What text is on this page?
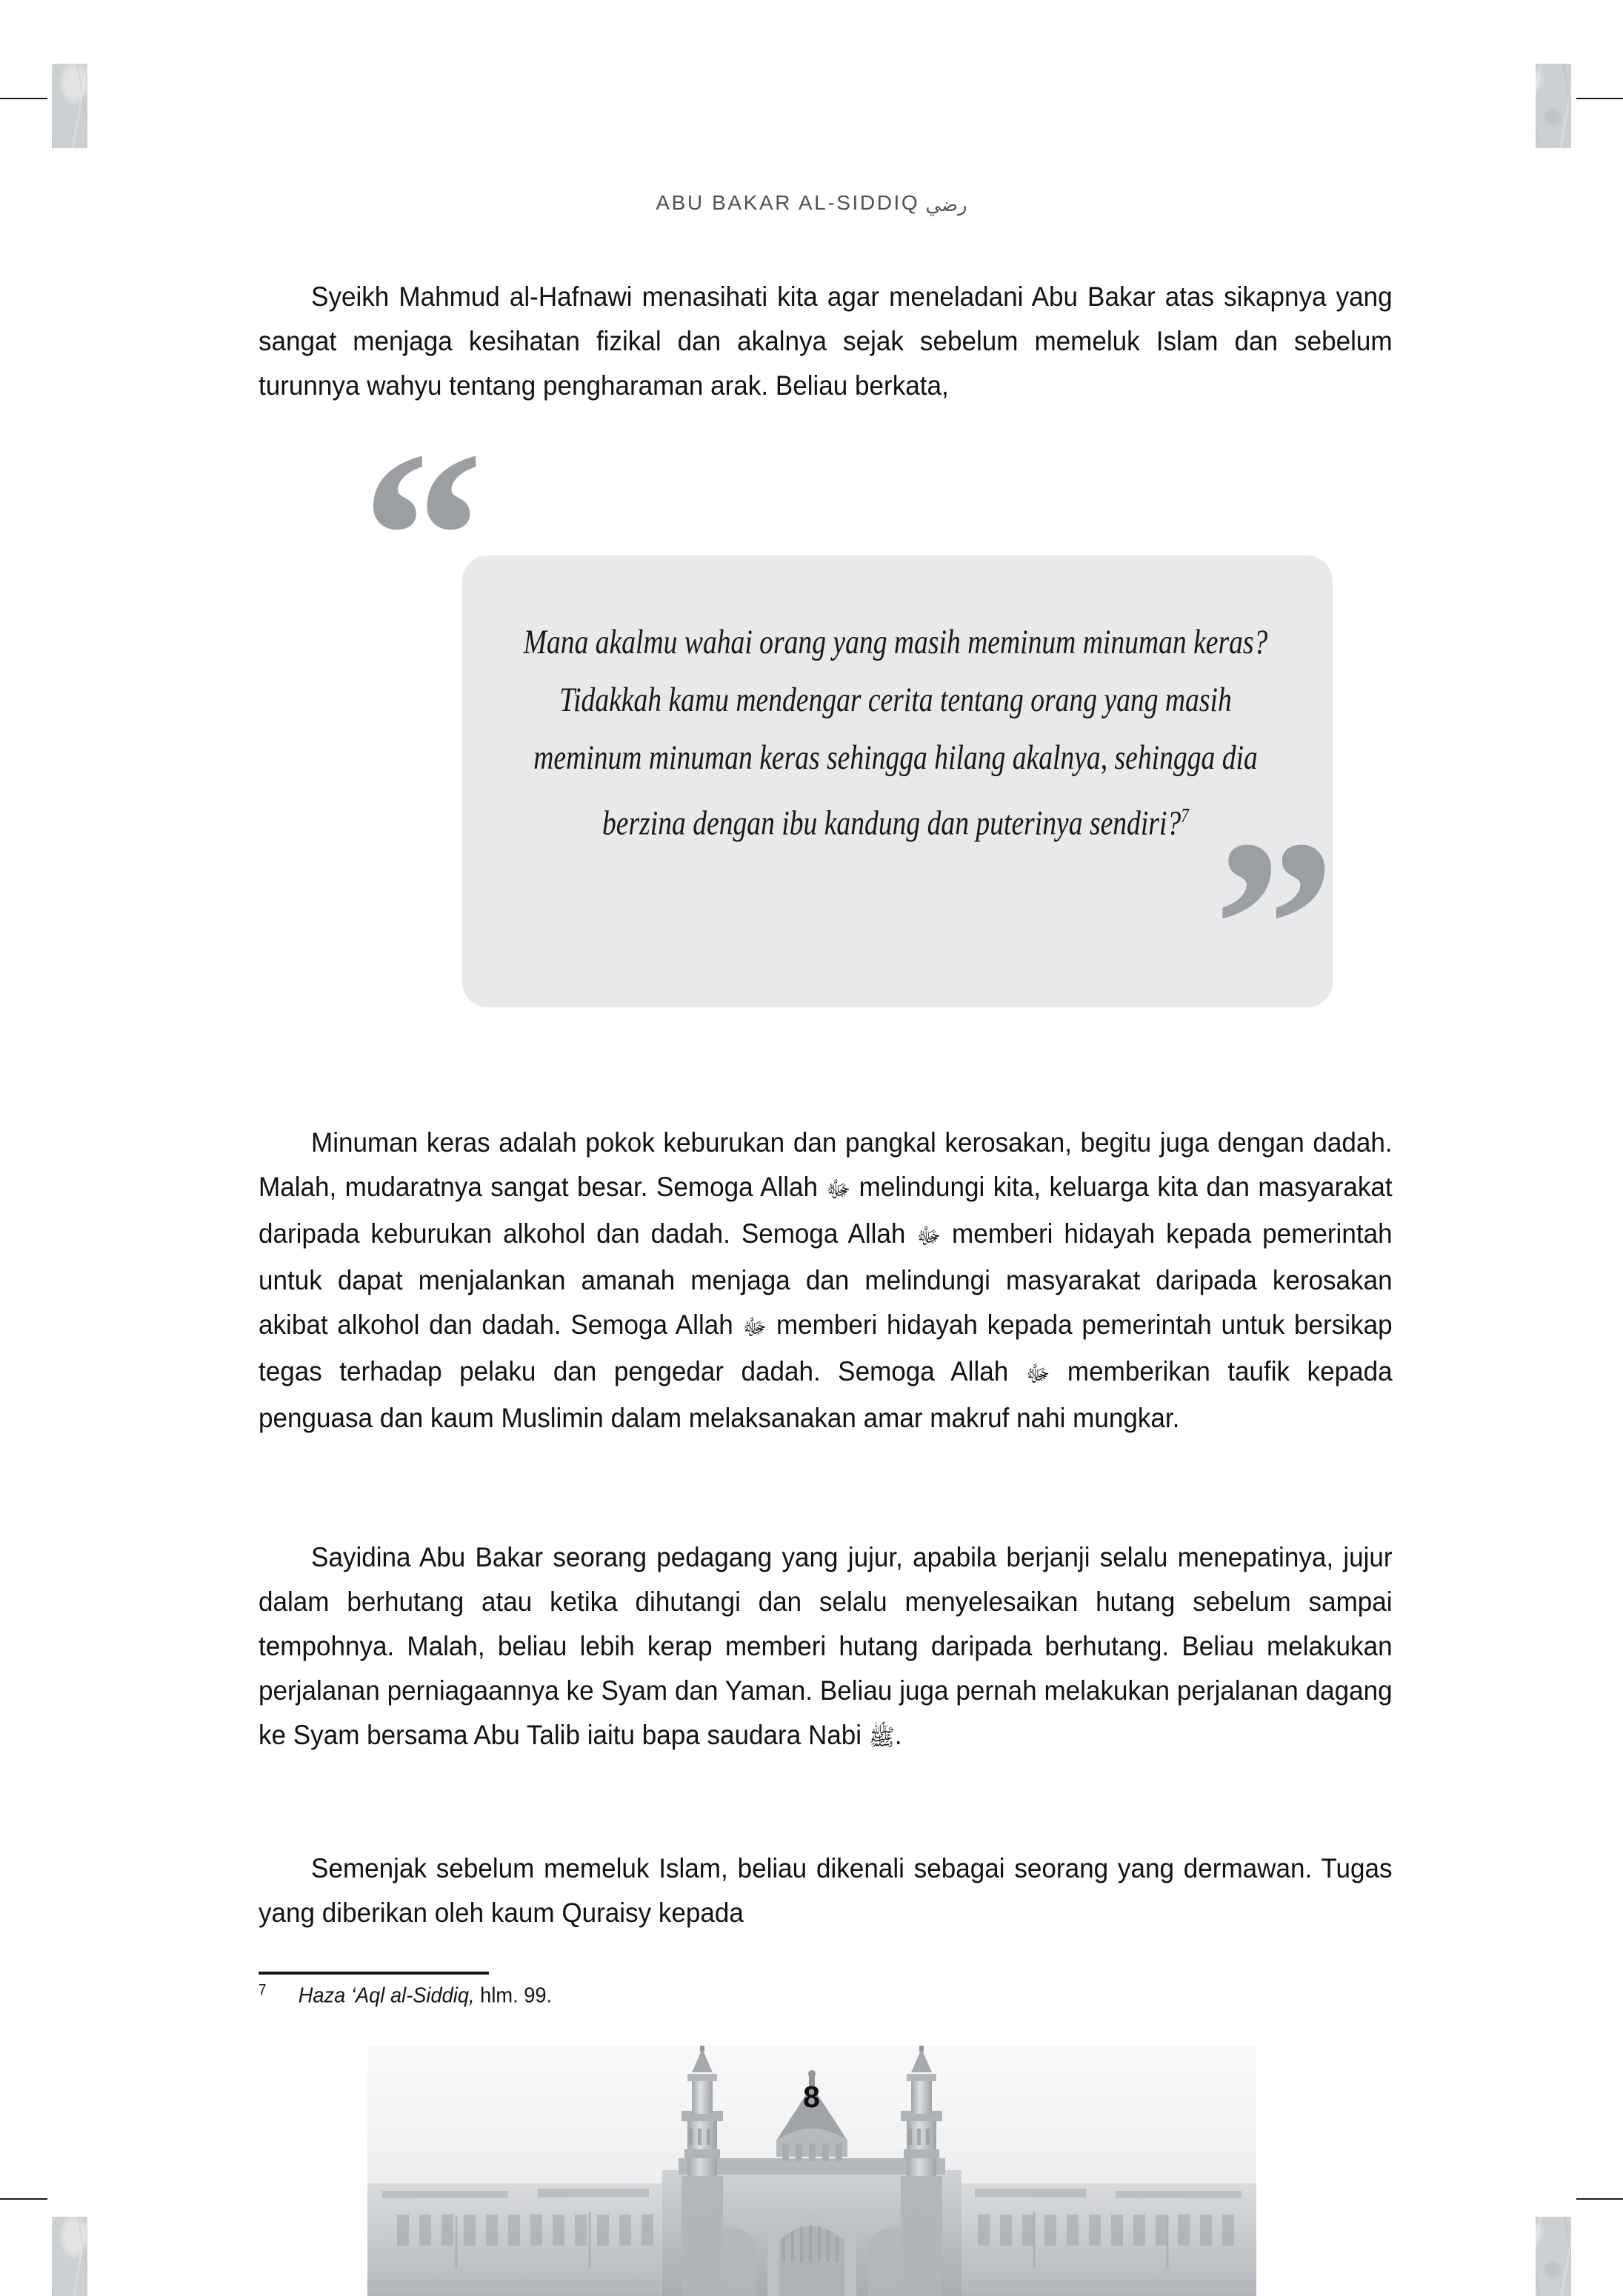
ABU BAKAR AL-SIDDIQ رضي

Syeikh Mahmud al-Hafnawi menasihati kita agar meneladani Abu Bakar atas sikapnya yang sangat menjaga kesihatan fizikal dan akalnya sejak sebelum memeluk Islam dan sebelum turunnya wahyu tentang pengharaman arak. Beliau berkata,

“
”
Mana akalmu wahai orang yang masih meminum minuman keras? Tidakkah kamu mendengar cerita tentang orang yang masih meminum minuman keras sehingga hilang akalnya, sehingga dia berzina dengan ibu kandung dan puterinya sendiri?$^7$

Minuman keras adalah pokok keburukan dan pangkal kerosakan, begitu juga dengan dadah. Malah, mudaratnya sangat besar. Semoga Allah ﷻ melindungi kita, keluarga kita dan masyarakat daripada keburukan alkohol dan dadah. Semoga Allah ﷻ memberi hidayah kepada pemerintah untuk dapat menjalankan amanah menjaga dan melindungi masyarakat daripada kerosakan akibat alkohol dan dadah. Semoga Allah ﷻ memberi hidayah kepada pemerintah untuk bersikap tegas terhadap pelaku dan pengedar dadah. Semoga Allah ﷻ memberikan taufik kepada penguasa dan kaum Muslimin dalam melaksanakan amar makruf nahi mungkar.

Sayidina Abu Bakar seorang pedagang yang jujur, apabila berjanji selalu menepatinya, jujur dalam berhutang atau ketika dihutangi dan selalu menyelesaikan hutang sebelum sampai tempohnya. Malah, beliau lebih kerap memberi hutang daripada berhutang. Beliau melakukan perjalanan perniagaannya ke Syam dan Yaman. Beliau juga pernah melakukan perjalanan dagang ke Syam bersama Abu Talib iaitu bapa saudara Nabi ﷺ.

Semenjak sebelum memeluk Islam, beliau dikenali sebagai seorang yang dermawan. Tugas yang diberikan oleh kaum Quraisy kepada

$^7$ Haza ‘Aql al-Siddiq, hlm. 99.
8
